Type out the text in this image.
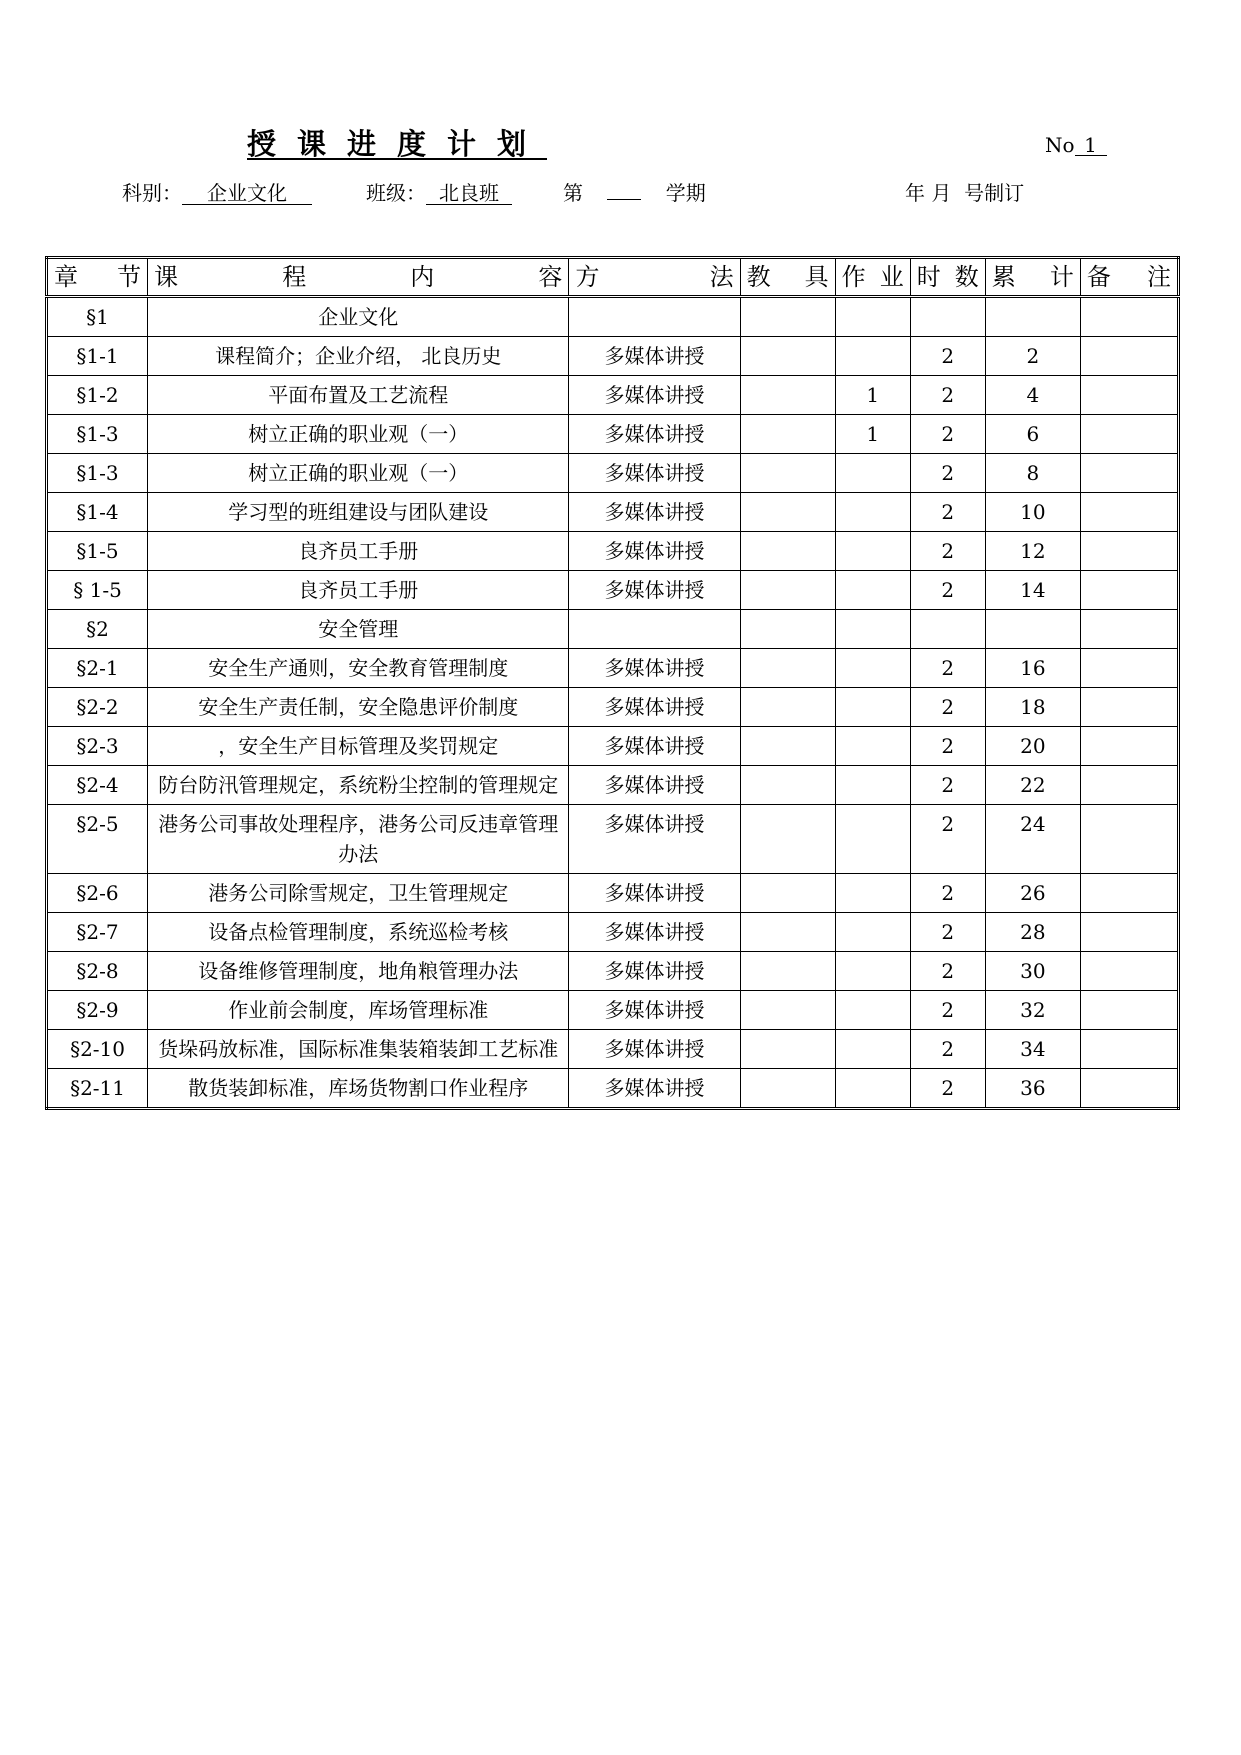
授课进度计划	No 1
科别： 企业文化	班级： 北良班	第	学期	年 月  号制订
章 节	课 程 内 容	方 法	教 具	作 业	时 数	累 计	备 注

§1	企业文化						
§1-1	课程简介；企业介绍， 北良历史	多媒体讲授			2	2	
§1-2	平面布置及工艺流程	多媒体讲授		1	2	4	
§1-3	树立正确的职业观（一）	多媒体讲授		1	2	6	
§1-3	树立正确的职业观（一）	多媒体讲授			2	8	
§1-4	学习型的班组建设与团队建设	多媒体讲授			2	10	
§1-5	良齐员工手册	多媒体讲授			2	12	
§ 1-5	良齐员工手册	多媒体讲授			2	14	
§2	安全管理						
§2-1	安全生产通则，安全教育管理制度	多媒体讲授			2	16	
§2-2	安全生产责任制，安全隐患评价制度	多媒体讲授			2	18	
§2-3	，安全生产目标管理及奖罚规定	多媒体讲授			2	20	
§2-4	防台防汛管理规定，系统粉尘控制的管理规定	多媒体讲授			2	22	
§2-5	港务公司事故处理程序，港务公司反违章管理办法	多媒体讲授			2	24	
§2-6	港务公司除雪规定，卫生管理规定	多媒体讲授			2	26	
§2-7	设备点检管理制度，系统巡检考核	多媒体讲授			2	28	
§2-8	设备维修管理制度，地角粮管理办法	多媒体讲授			2	30	
§2-9	作业前会制度，库场管理标准	多媒体讲授			2	32	
§2-10	货垛码放标准，国际标准集装箱装卸工艺标准	多媒体讲授			2	34	
§2-11	散货装卸标准，库场货物割口作业程序	多媒体讲授			2	36	
